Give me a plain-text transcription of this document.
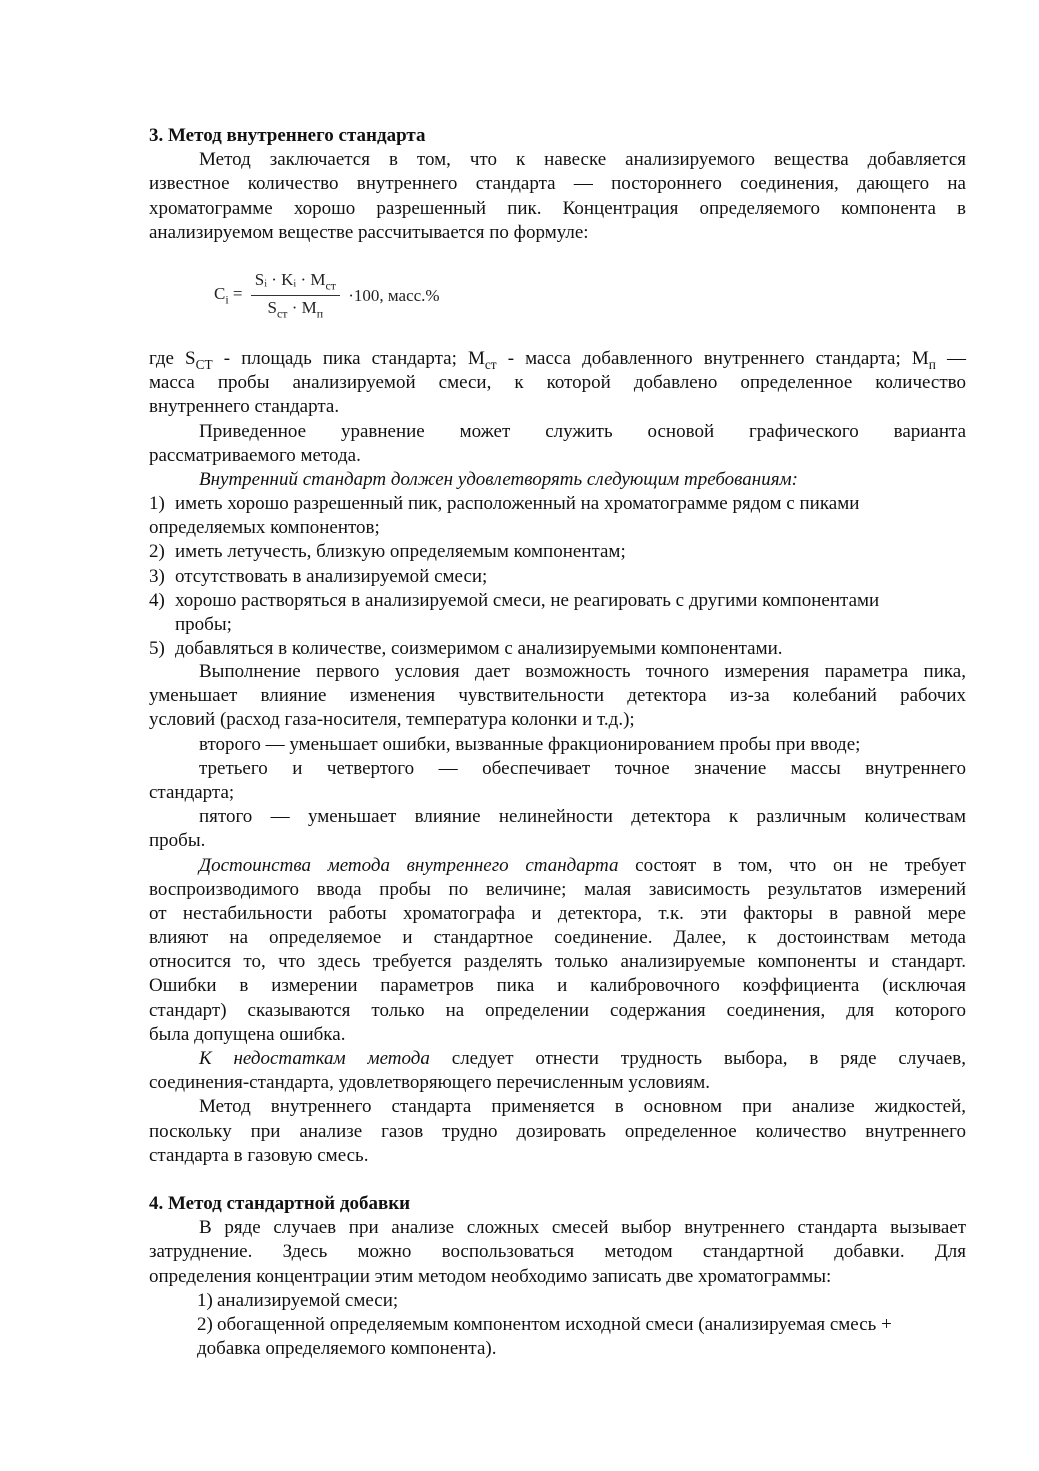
3. Метод внутреннего стандарта
Метод заключается в том, что к навеске анализируемого вещества добавляется
известное количество внутреннего стандарта — постороннего соединения, дающего на
хроматограмме хорошо разрешенный пик. Концентрация определяемого компонента в
анализируемом веществе рассчитывается по формуле:
$C_i = \frac{Sᵢ \cdot Kᵢ \cdot M_{ст}}{S_{ст} \cdot M_п} \cdot 100$, масс.%
где $S_{CT}$ - площадь пика стандарта; $M_{ст}$ - масса добавленного внутреннего стандарта; $M_п$ —
масса пробы анализируемой смеси, к которой добавлено определенное количество
внутреннего стандарта.
Приведенное уравнение может служить основой графического варианта
рассматриваемого метода.
Внутренний стандарт должен удовлетворять следующим требованиям:
1) иметь хорошо разрешенный пик, расположенный на хроматограмме рядом с пиками
определяемых компонентов;
2) иметь летучесть, близкую определяемым компонентам;
3) отсутствовать в анализируемой смеси;
4) хорошо растворяться в анализируемой смеси, не реагировать с другими компонентами
пробы;
5) добавляться в количестве, соизмеримом с анализируемыми компонентами.
Выполнение первого условия дает возможность точного измерения параметра пика,
уменьшает влияние изменения чувствительности детектора из-за колебаний рабочих
условий (расход газа-носителя, температура колонки и т.д.);
второго — уменьшает ошибки, вызванные фракционированием пробы при вводе;
третьего и четвертого — обеспечивает точное значение массы внутреннего
стандарта;
пятого — уменьшает влияние нелинейности детектора к различным количествам
пробы.
Достоинства метода внутреннего стандарта состоят в том, что он не требует
воспроизводимого ввода пробы по величине; малая зависимость результатов измерений
от нестабильности работы хроматографа и детектора, т.к. эти факторы в равной мере
влияют на определяемое и стандартное соединение. Далее, к достоинствам метода
относится то, что здесь требуется разделять только анализируемые компоненты и стандарт.
Ошибки в измерении параметров пика и калибровочного коэффициента (исключая
стандарт) сказываются только на определении содержания соединения, для которого
была допущена ошибка.
К недостаткам метода следует отнести трудность выбора, в ряде случаев,
соединения-стандарта, удовлетворяющего перечисленным условиям.
Метод внутреннего стандарта применяется в основном при анализе жидкостей,
поскольку при анализе газов трудно дозировать определенное количество внутреннего
стандарта в газовую смесь.
4. Метод стандартной добавки
В ряде случаев при анализе сложных смесей выбор внутреннего стандарта вызывает
затруднение. Здесь можно воспользоваться методом стандартной добавки. Для
определения концентрации этим методом необходимо записать две хроматограммы:
1) анализируемой смеси;
2) обогащенной определяемым компонентом исходной смеси (анализируемая смесь +
добавка определяемого компонента).
